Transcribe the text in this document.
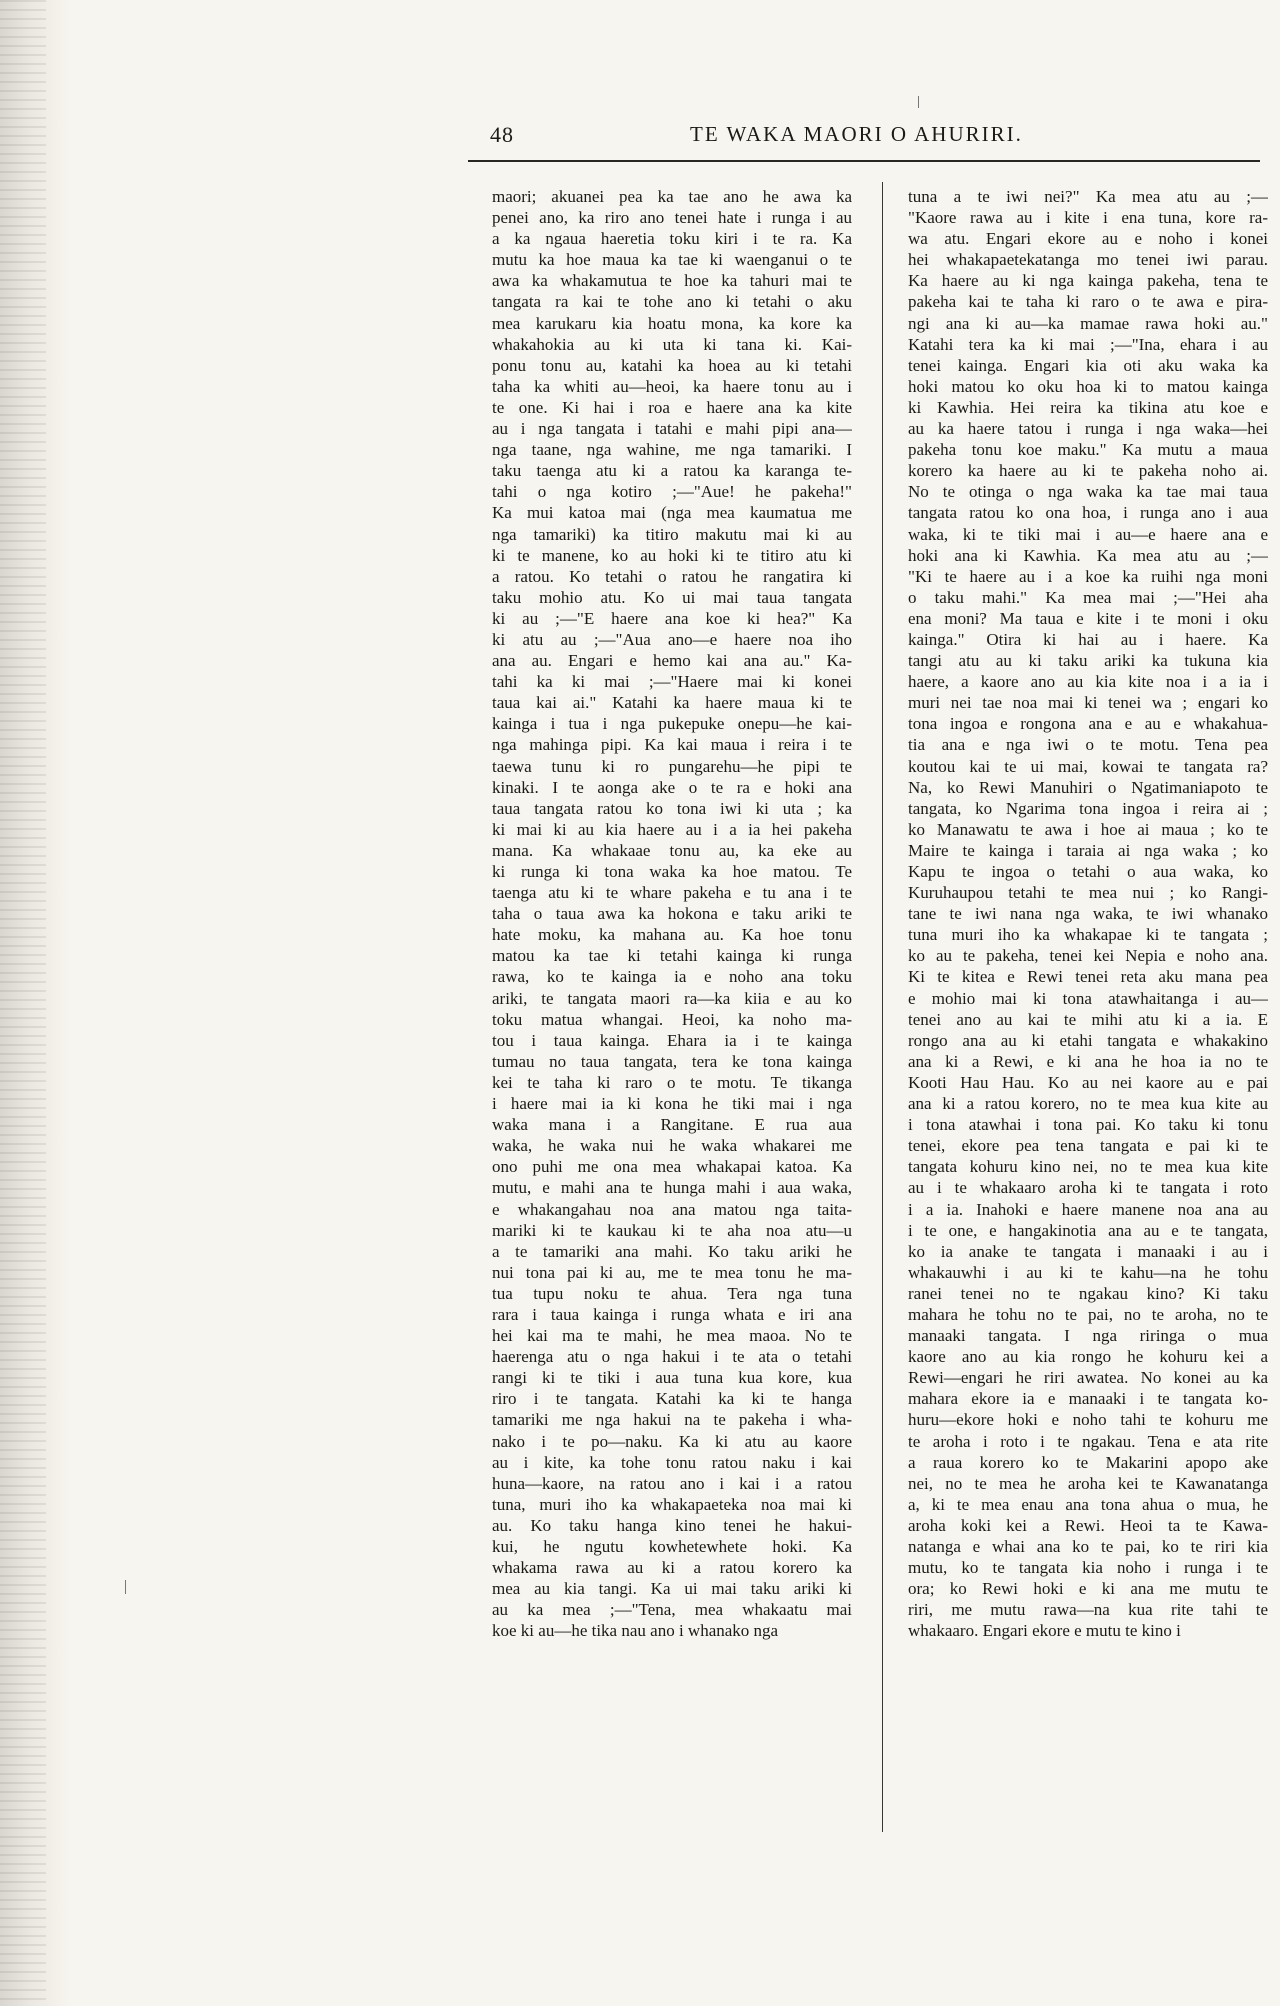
48	TE WAKA MAORI O AHURIRI.
maori; akuanei pea ka tae ano he awa ka
penei ano, ka riro ano tenei hate i runga i au
a ka ngaua haeretia toku kiri i te ra. Ka
mutu ka hoe maua ka tae ki waenganui o te
awa ka whakamutua te hoe ka tahuri mai te
tangata ra kai te tohe ano ki tetahi o aku
mea karukaru kia hoatu mona, ka kore ka
whakahokia au ki uta ki tana ki. Kai-
ponu tonu au, katahi ka hoea au ki tetahi
taha ka whiti au—heoi, ka haere tonu au i
te one. Ki hai i roa e haere ana ka kite
au i nga tangata i tatahi e mahi pipi ana—
nga taane, nga wahine, me nga tamariki. I
taku taenga atu ki a ratou ka karanga te-
tahi o nga kotiro ;—"Aue! he pakeha!"
Ka mui katoa mai (nga mea kaumatua me
nga tamariki) ka titiro makutu mai ki au
ki te manene, ko au hoki ki te titiro atu ki
a ratou. Ko tetahi o ratou he rangatira ki
taku mohio atu. Ko ui mai taua tangata
ki au ;—"E haere ana koe ki hea?" Ka
ki atu au ;—"Aua ano—e haere noa iho
ana au. Engari e hemo kai ana au." Ka-
tahi ka ki mai ;—"Haere mai ki konei
taua kai ai." Katahi ka haere maua ki te
kainga i tua i nga pukepuke onepu—he kai-
nga mahinga pipi. Ka kai maua i reira i te
taewa tunu ki ro pungarehu—he pipi te
kinaki. I te aonga ake o te ra e hoki ana
taua tangata ratou ko tona iwi ki uta ; ka
ki mai ki au kia haere au i a ia hei pakeha
mana. Ka whakaae tonu au, ka eke au
ki runga ki tona waka ka hoe matou. Te
taenga atu ki te whare pakeha e tu ana i te
taha o taua awa ka hokona e taku ariki te
hate moku, ka mahana au. Ka hoe tonu
matou ka tae ki tetahi kainga ki runga
rawa, ko te kainga ia e noho ana toku
ariki, te tangata maori ra—ka kiia e au ko
toku matua whangai. Heoi, ka noho ma-
tou i taua kainga. Ehara ia i te kainga
tumau no taua tangata, tera ke tona kainga
kei te taha ki raro o te motu. Te tikanga
i haere mai ia ki kona he tiki mai i nga
waka mana i a Rangitane. E rua aua
waka, he waka nui he waka whakarei me
ono puhi me ona mea whakapai katoa. Ka
mutu, e mahi ana te hunga mahi i aua waka,
e whakangahau noa ana matou nga taita-
mariki ki te kaukau ki te aha noa atu—u
a te tamariki ana mahi. Ko taku ariki he
nui tona pai ki au, me te mea tonu he ma-
tua tupu noku te ahua. Tera nga tuna
rara i taua kainga i runga whata e iri ana
hei kai ma te mahi, he mea maoa. No te
haerenga atu o nga hakui i te ata o tetahi
rangi ki te tiki i aua tuna kua kore, kua
riro i te tangata. Katahi ka ki te hanga
tamariki me nga hakui na te pakeha i wha-
nako i te po—naku. Ka ki atu au kaore
au i kite, ka tohe tonu ratou naku i kai
huna—kaore, na ratou ano i kai i a ratou
tuna, muri iho ka whakapaeteka noa mai ki
au. Ko taku hanga kino tenei he hakui-
kui, he ngutu kowhetewhete hoki. Ka
whakama rawa au ki a ratou korero ka
mea au kia tangi. Ka ui mai taku ariki ki
au ka mea ;—"Tena, mea whakaatu mai
koe ki au—he tika nau ano i whanako nga
tuna a te iwi nei?" Ka mea atu au ;—
"Kaore rawa au i kite i ena tuna, kore ra-
wa atu. Engari ekore au e noho i konei
hei whakapaetekatanga mo tenei iwi parau.
Ka haere au ki nga kainga pakeha, tena te
pakeha kai te taha ki raro o te awa e pira-
ngi ana ki au—ka mamae rawa hoki au."
Katahi tera ka ki mai ;—"Ina, ehara i au
tenei kainga. Engari kia oti aku waka ka
hoki matou ko oku hoa ki to matou kainga
ki Kawhia. Hei reira ka tikina atu koe e
au ka haere tatou i runga i nga waka—hei
pakeha tonu koe maku." Ka mutu a maua
korero ka haere au ki te pakeha noho ai.
No te otinga o nga waka ka tae mai taua
tangata ratou ko ona hoa, i runga ano i aua
waka, ki te tiki mai i au—e haere ana e
hoki ana ki Kawhia. Ka mea atu au ;—
"Ki te haere au i a koe ka ruihi nga moni
o taku mahi." Ka mea mai ;—"Hei aha
ena moni? Ma taua e kite i te moni i oku
kainga." Otira ki hai au i haere. Ka
tangi atu au ki taku ariki ka tukuna kia
haere, a kaore ano au kia kite noa i a ia i
muri nei tae noa mai ki tenei wa ; engari ko
tona ingoa e rongona ana e au e whakahua-
tia ana e nga iwi o te motu. Tena pea
koutou kai te ui mai, kowai te tangata ra?
Na, ko Rewi Manuhiri o Ngatimaniapoto te
tangata, ko Ngarima tona ingoa i reira ai ;
ko Manawatu te awa i hoe ai maua ; ko te
Maire te kainga i taraia ai nga waka ; ko
Kapu te ingoa o tetahi o aua waka, ko
Kuruhaupou tetahi te mea nui ; ko Rangi-
tane te iwi nana nga waka, te iwi whanako
tuna muri iho ka whakapae ki te tangata ;
ko au te pakeha, tenei kei Nepia e noho ana.
Ki te kitea e Rewi tenei reta aku mana pea
e mohio mai ki tona atawhaitanga i au—
tenei ano au kai te mihi atu ki a ia. E
rongo ana au ki etahi tangata e whakakino
ana ki a Rewi, e ki ana he hoa ia no te
Kooti Hau Hau. Ko au nei kaore au e pai
ana ki a ratou korero, no te mea kua kite au
i tona atawhai i tona pai. Ko taku ki tonu
tenei, ekore pea tena tangata e pai ki te
tangata kohuru kino nei, no te mea kua kite
au i te whakaaro aroha ki te tangata i roto
i a ia. Inahoki e haere manene noa ana au
i te one, e hangakinotia ana au e te tangata,
ko ia anake te tangata i manaaki i au i
whakauwhi i au ki te kahu—na he tohu
ranei tenei no te ngakau kino? Ki taku
mahara he tohu no te pai, no te aroha, no te
manaaki tangata. I nga riringa o mua
kaore ano au kia rongo he kohuru kei a
Rewi—engari he riri awatea. No konei au ka
mahara ekore ia e manaaki i te tangata ko-
huru—ekore hoki e noho tahi te kohuru me
te aroha i roto i te ngakau. Tena e ata rite
a raua korero ko te Makarini apopo ake
nei, no te mea he aroha kei te Kawanatanga
a, ki te mea enau ana tona ahua o mua, he
aroha koki kei a Rewi. Heoi ta te Kawa-
natanga e whai ana ko te pai, ko te riri kia
mutu, ko te tangata kia noho i runga i te
ora; ko Rewi hoki e ki ana me mutu te
riri, me mutu rawa—na kua rite tahi te
whakaaro. Engari ekore e mutu te kino i
